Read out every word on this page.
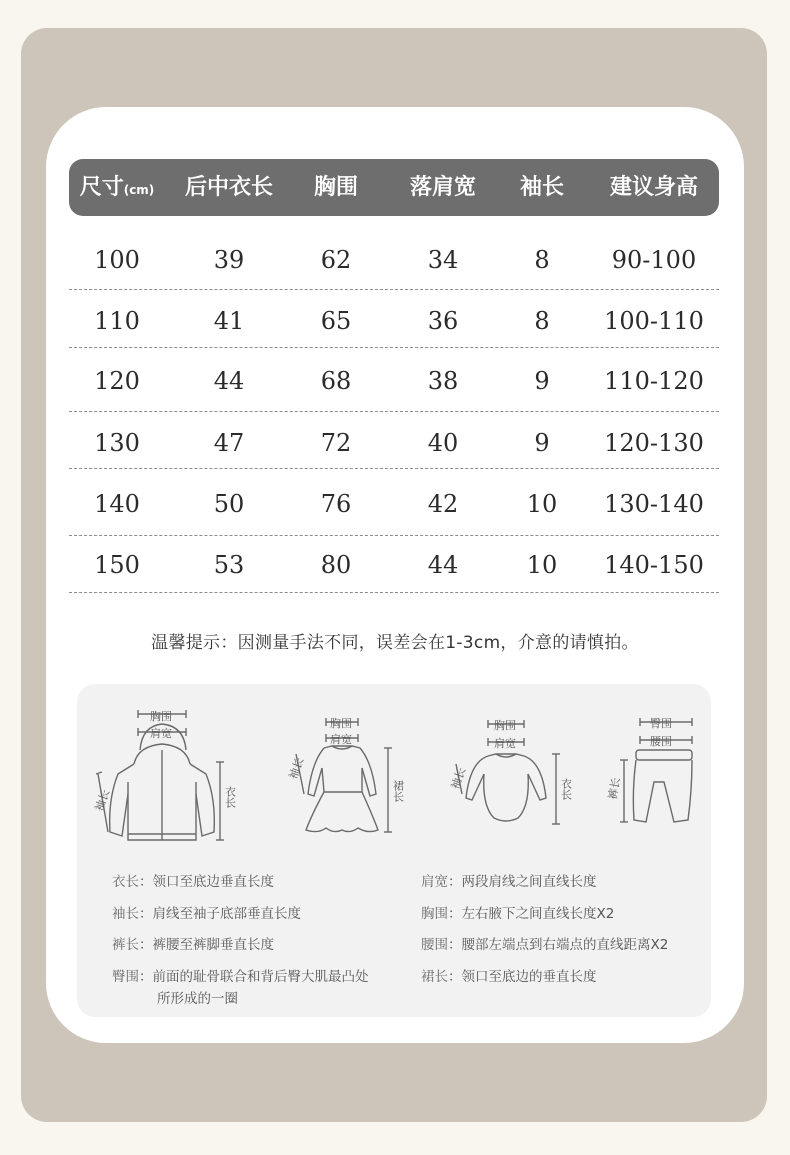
尺寸(cm)	后中衣长	胸围	落肩宽	袖长	建议身高
100	39	62	34	8	90-100
110	41	65	36	8	100-110
120	44	68	38	9	110-120
130	47	72	40	9	120-130
140	50	76	42	10	130-140
150	53	80	44	10	140-150
温馨提示：因测量手法不同，误差会在1-3cm，介意的请慎拍。
胸围
肩宽
袖长	衣长
胸围
肩宽
袖长
裙长
胸围
肩宽
袖长	衣长
臀围
腰围
裤长
衣长：领口至底边垂直长度
袖长：肩线至袖子底部垂直长度
裤长：裤腰至裤脚垂直长度
臀围：前面的耻骨联合和背后臀大肌最凸处
所形成的一圈
肩宽：两段肩线之间直线长度
胸围：左右腋下之间直线长度X2
腰围：腰部左端点到右端点的直线距离X2
裙长：领口至底边的垂直长度
